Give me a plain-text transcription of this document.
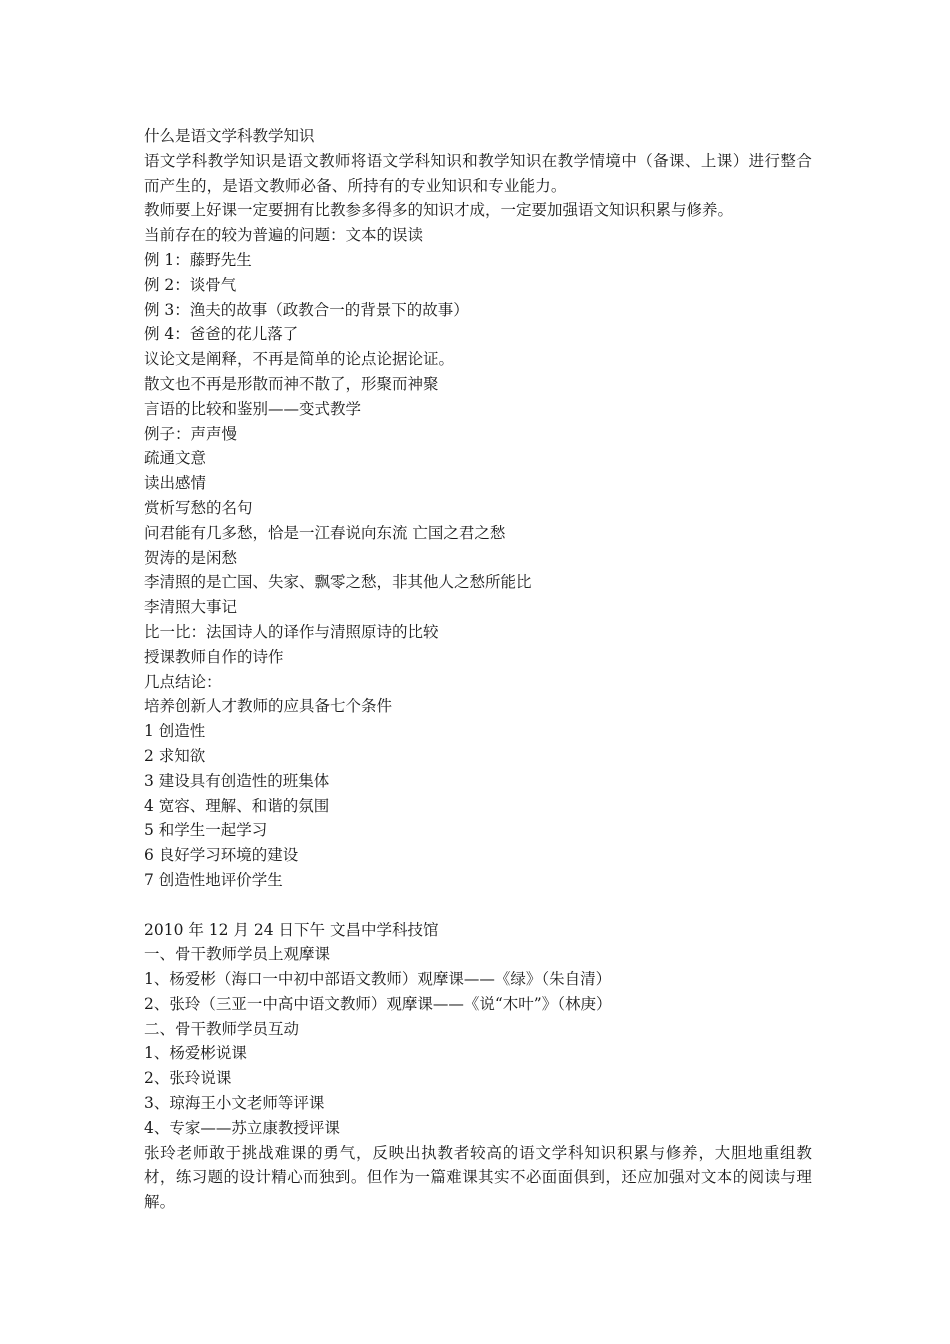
什么是语文学科教学知识

语文学科教学知识是语文教师将语文学科知识和教学知识在教学情境中（备课、上课）进行整合而产生的，是语文教师必备、所持有的专业知识和专业能力。

教师要上好课一定要拥有比教参多得多的知识才成，一定要加强语文知识积累与修养。

当前存在的较为普遍的问题：文本的误读

例 1：藤野先生

例 2：谈骨气

例 3：渔夫的故事（政教合一的背景下的故事）

例 4：爸爸的花儿落了

议论文是阐释，不再是简单的论点论据论证。

散文也不再是形散而神不散了，形聚而神聚

言语的比较和鉴别——变式教学

例子：声声慢

疏通文意

读出感情

赏析写愁的名句

问君能有几多愁，恰是一江春说向东流 亡国之君之愁

贺涛的是闲愁

李清照的是亡国、失家、飘零之愁，非其他人之愁所能比

李清照大事记

比一比：法国诗人的译作与清照原诗的比较

授课教师自作的诗作

几点结论：

培养创新人才教师的应具备七个条件

1 创造性

2 求知欲

3 建设具有创造性的班集体

4 宽容、理解、和谐的氛围

5 和学生一起学习

6 良好学习环境的建设

7 创造性地评价学生

2010 年 12 月 24 日下午 文昌中学科技馆

一、骨干教师学员上观摩课

1、杨爱彬（海口一中初中部语文教师）观摩课——《绿》（朱自清）

2、张玲（三亚一中高中语文教师）观摩课——《说“木叶”》（林庚）

二、骨干教师学员互动

1、杨爱彬说课

2、张玲说课

3、琼海王小文老师等评课

4、专家——苏立康教授评课

张玲老师敢于挑战难课的勇气，反映出执教者较高的语文学科知识积累与修养，大胆地重组教材，练习题的设计精心而独到。但作为一篇难课其实不必面面俱到，还应加强对文本的阅读与理解。
